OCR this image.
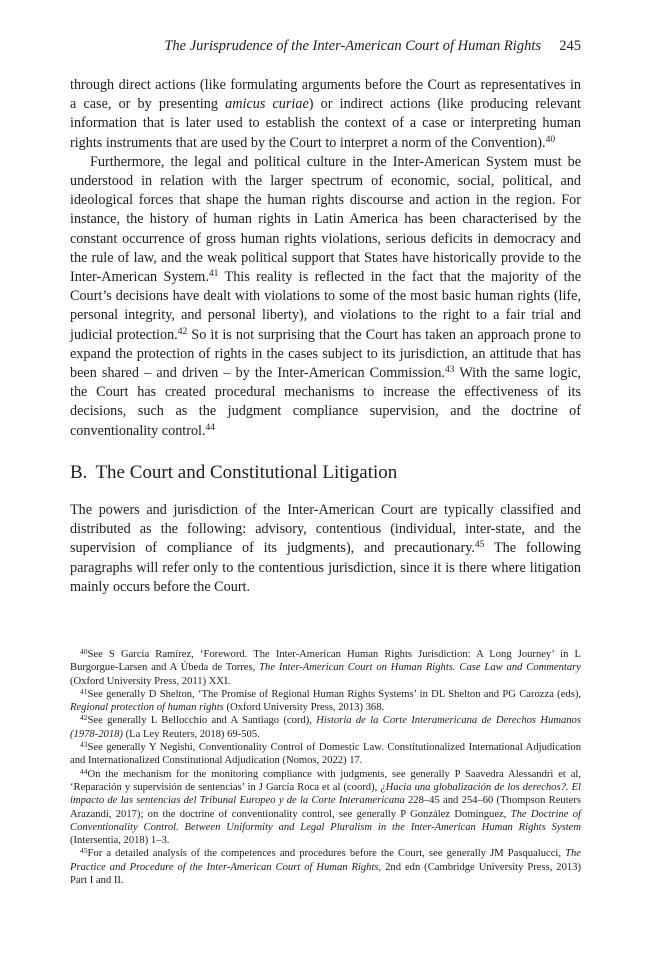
The Jurisprudence of the Inter-American Court of Human Rights 245

through direct actions (like formulating arguments before the Court as representatives in a case, or by presenting amicus curiae) or indirect actions (like producing relevant information that is later used to establish the context of a case or interpreting human rights instruments that are used by the Court to interpret a norm of the Convention).$^{40}$

Furthermore, the legal and political culture in the Inter-American System must be understood in relation with the larger spectrum of economic, social, political, and ideological forces that shape the human rights discourse and action in the region. For instance, the history of human rights in Latin America has been characterised by the constant occurrence of gross human rights violations, serious deficits in democracy and the rule of law, and the weak political support that States have historically provide to the Inter-American System.$^{41}$ This reality is reflected in the fact that the majority of the Court’s decisions have dealt with violations to some of the most basic human rights (life, personal integrity, and personal liberty), and violations to the right to a fair trial and judicial protection.$^{42}$ So it is not surprising that the Court has taken an approach prone to expand the protection of rights in the cases subject to its jurisdiction, an attitude that has been shared – and driven – by the Inter-American Commission.$^{43}$ With the same logic, the Court has created procedural mechanisms to increase the effectiveness of its decisions, such as the judgment compliance supervision, and the doctrine of conventionality control.$^{44}$

B. The Court and Constitutional Litigation

The powers and jurisdiction of the Inter-American Court are typically classified and distributed as the following: advisory, contentious (individual, inter-state, and the supervision of compliance of its judgments), and precautionary.$^{45}$ The following paragraphs will refer only to the contentious jurisdiction, since it is there where litigation mainly occurs before the Court.

$^{40}$See S García Ramírez, ‘Foreword. The Inter-American Human Rights Jurisdiction: A Long Journey’ in L Burgorgue-Larsen and A Úbeda de Torres, The Inter-American Court on Human Rights. Case Law and Commentary (Oxford University Press, 2011) XXI.

$^{41}$See generally D Shelton, ‘The Promise of Regional Human Rights Systems’ in DL Shelton and PG Carozza (eds), Regional protection of human rights (Oxford University Press, 2013) 368.

$^{42}$See generally L Bellocchio and A Santiago (cord), Historia de la Corte Interamericana de Derechos Humanos (1978-2018) (La Ley Reuters, 2018) 69-505.

$^{43}$See generally Y Negishi, Conventionality Control of Domestic Law. Constitutionalized International Adjudication and Internationalized Constitutional Adjudication (Nomos, 2022) 17.

$^{44}$On the mechanism for the monitoring compliance with judgments, see generally P Saavedra Alessandri et al, ‘Reparación y supervisión de sentencias’ in J García Roca et al (coord), ¿Hacia una globalización de los derechos?. El impacto de las sentencias del Tribunal Europeo y de la Corte Interamericana 228–45 and 254–60 (Thompson Reuters Arazandi, 2017); on the doctrine of conventionality control, see generally P González Domínguez, The Doctrine of Conventionality Control. Between Uniformity and Legal Pluralism in the Inter-American Human Rights System (Intersentia, 2018) 1–3.

$^{45}$For a detailed analysis of the competences and procedures before the Court, see generally JM Pasqualucci, The Practice and Procedure of the Inter-American Court of Human Rights, 2nd edn (Cambridge University Press, 2013) Part I and II.
